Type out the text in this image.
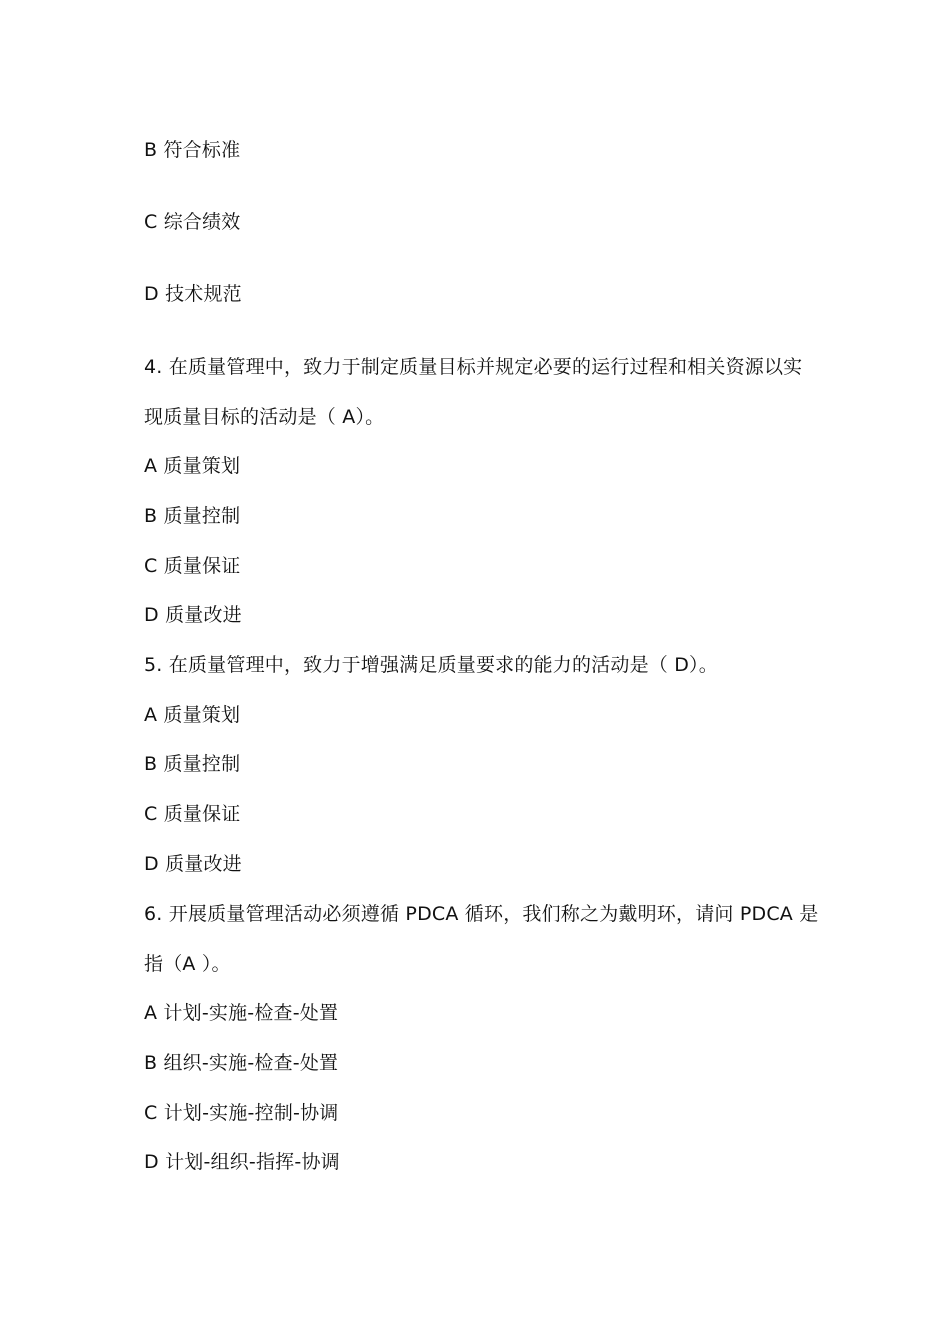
B 符合标准
C 综合绩效
D 技术规范
4. 在质量管理中，致力于制定质量目标并规定必要的运行过程和相关资源以实
现质量目标的活动是（ A）。
A 质量策划
B 质量控制
C 质量保证
D 质量改进
5. 在质量管理中，致力于增强满足质量要求的能力的活动是（ D）。
A 质量策划
B 质量控制
C 质量保证
D 质量改进
6. 开展质量管理活动必须遵循 PDCA 循环，我们称之为戴明环，请问 PDCA 是
指（A ）。
A 计划-实施-检查-处置
B 组织-实施-检查-处置
C 计划-实施-控制-协调
D 计划-组织-指挥-协调
